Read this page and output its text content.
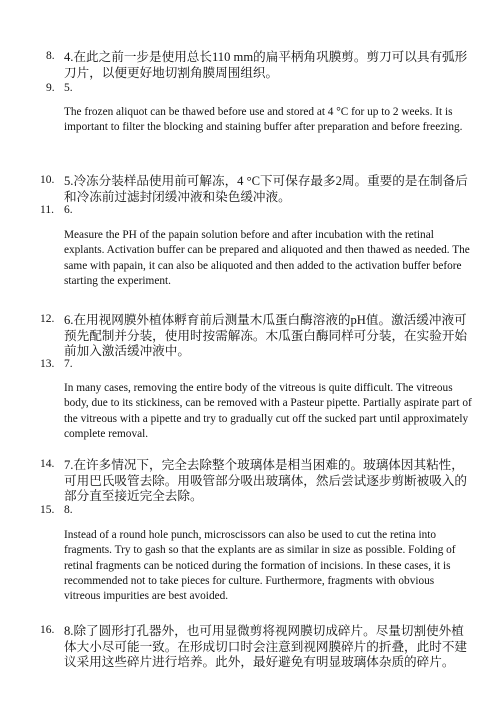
8. 4.在此之前一步是使用总长110 mm的扁平柄角巩膜剪。剪刀可以具有弧形刀片，以便更好地切割角膜周围组织。
9. 5.
The frozen aliquot can be thawed before use and stored at 4 °C for up to 2 weeks. It is important to filter the blocking and staining buffer after preparation and before freezing.
10. 5.冷冻分装样品使用前可解冻，4 °C下可保存最多2周。重要的是在制备后和冷冻前过滤封闭缓冲液和染色缓冲液。
11. 6.
Measure the PH of the papain solution before and after incubation with the retinal explants. Activation buffer can be prepared and aliquoted and then thawed as needed. The same with papain, it can also be aliquoted and then added to the activation buffer before starting the experiment.
12. 6.在用视网膜外植体孵育前后测量木瓜蛋白酶溶液的pH值。激活缓冲液可预先配制并分装，使用时按需解冻。木瓜蛋白酶同样可分装，在实验开始前加入激活缓冲液中。
13. 7.
In many cases, removing the entire body of the vitreous is quite difficult. The vitreous body, due to its stickiness, can be removed with a Pasteur pipette. Partially aspirate part of the vitreous with a pipette and try to gradually cut off the sucked part until approximately complete removal.
14. 7.在许多情况下，完全去除整个玻璃体是相当困难的。玻璃体因其粘性，可用巴氏吸管去除。用吸管部分吸出玻璃体，然后尝试逐步剪断被吸入的部分直至接近完全去除。
15. 8.
Instead of a round hole punch, microscissors can also be used to cut the retina into fragments. Try to gash so that the explants are as similar in size as possible. Folding of retinal fragments can be noticed during the formation of incisions. In these cases, it is recommended not to take pieces for culture. Furthermore, fragments with obvious vitreous impurities are best avoided.
16. 8.除了圆形打孔器外，也可用显微剪将视网膜切成碎片。尽量切割使外植体大小尽可能一致。在形成切口时会注意到视网膜碎片的折叠，此时不建议采用这些碎片进行培养。此外，最好避免有明显玻璃体杂质的碎片。
